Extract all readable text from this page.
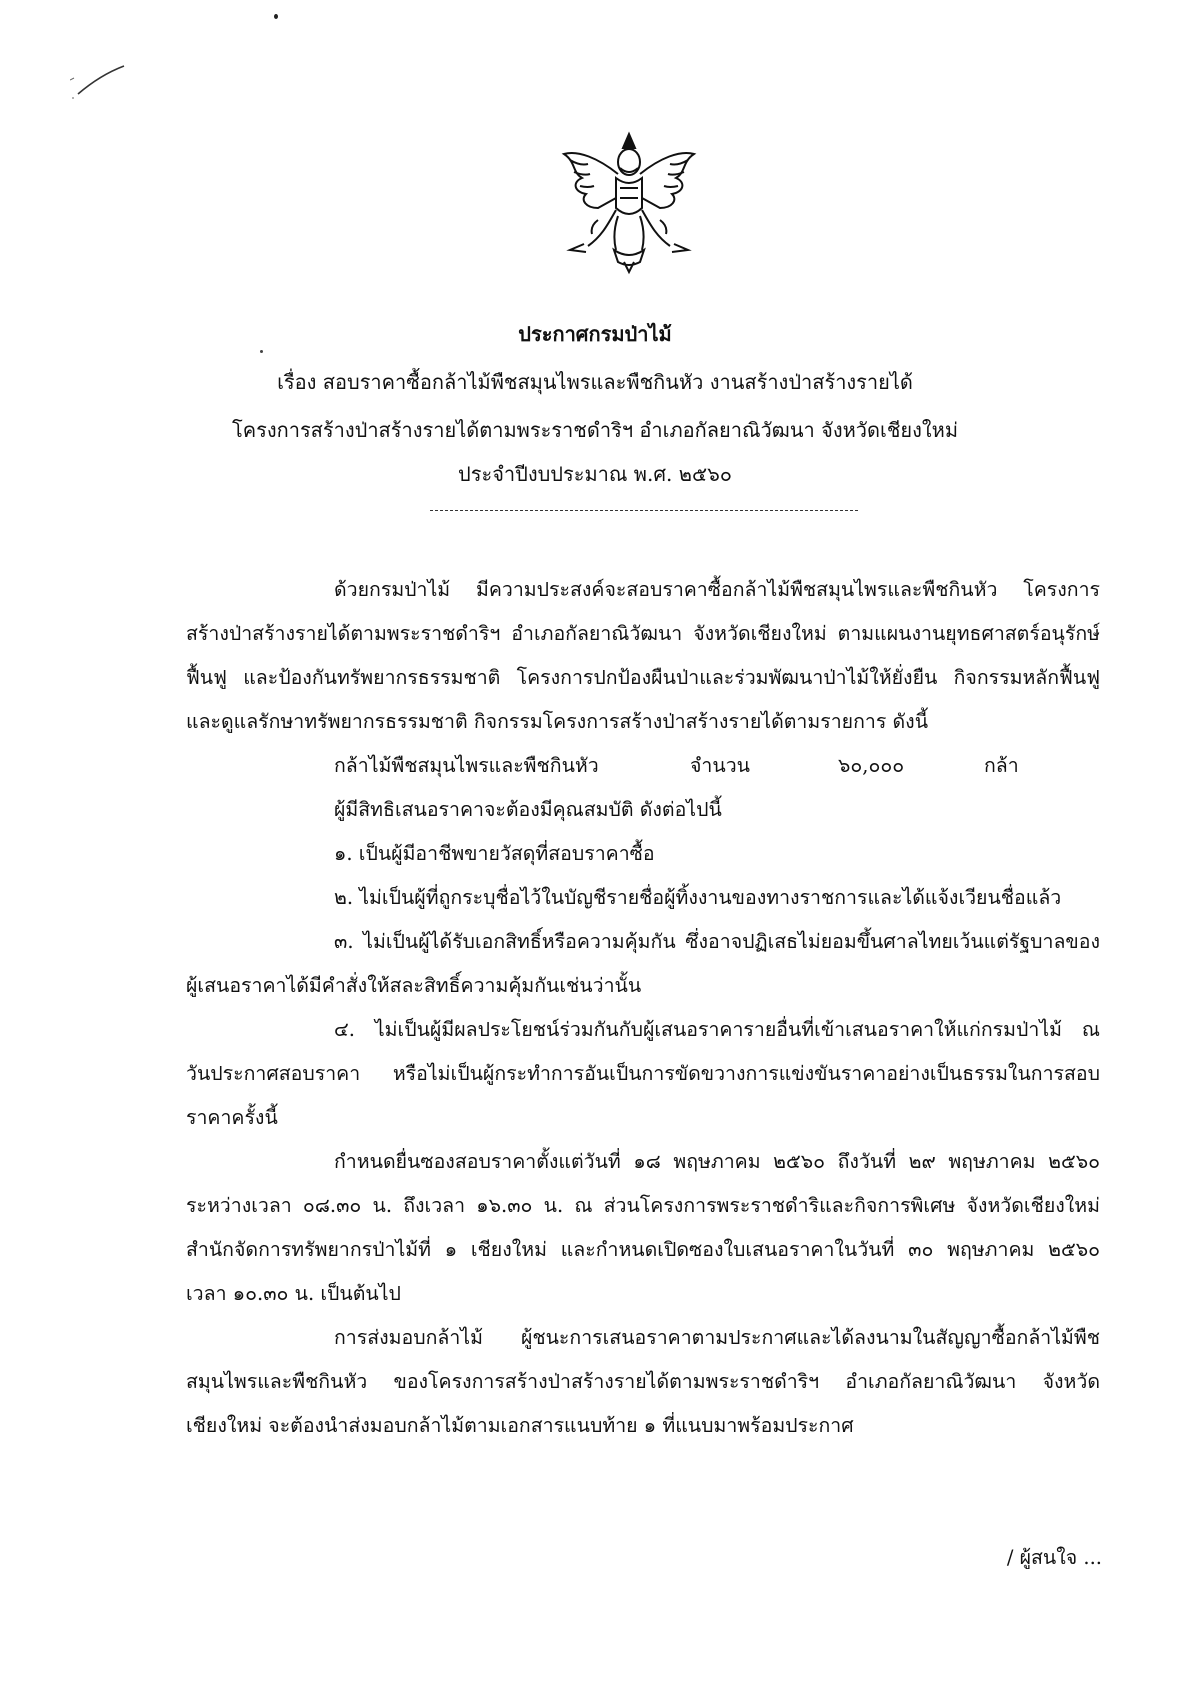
ประกาศกรมป่าไม้
เรื่อง สอบราคาซื้อกล้าไม้พืชสมุนไพรและพืชกินหัว งานสร้างป่าสร้างรายได้
โครงการสร้างป่าสร้างรายได้ตามพระราชดำริฯ อำเภอกัลยาณิวัฒนา จังหวัดเชียงใหม่
ประจำปีงบประมาณ พ.ศ. ๒๕๖๐

ด้วยกรมป่าไม้ มีความประสงค์จะสอบราคาซื้อกล้าไม้พืชสมุนไพรและพืชกินหัว โครงการสร้างป่าสร้างรายได้ตามพระราชดำริฯ อำเภอกัลยาณิวัฒนา จังหวัดเชียงใหม่ ตามแผนงานยุทธศาสตร์อนุรักษ์ ฟื้นฟู และป้องกันทรัพยากรธรรมชาติ โครงการปกป้องผืนป่าและร่วมพัฒนาป่าไม้ให้ยั่งยืน กิจกรรมหลักฟื้นฟูและดูแลรักษาทรัพยากรธรรมชาติ กิจกรรมโครงการสร้างป่าสร้างรายได้ตามรายการ ดังนี้

กล้าไม้พืชสมุนไพรและพืชกินหัว	จำนวน	๖๐,๐๐๐	กล้า
ผู้มีสิทธิเสนอราคาจะต้องมีคุณสมบัติ ดังต่อไปนี้

๑. เป็นผู้มีอาชีพขายวัสดุที่สอบราคาซื้อ

๒. ไม่เป็นผู้ที่ถูกระบุชื่อไว้ในบัญชีรายชื่อผู้ทิ้งงานของทางราชการและได้แจ้งเวียนชื่อแล้ว

๓. ไม่เป็นผู้ได้รับเอกสิทธิ์หรือความคุ้มกัน ซึ่งอาจปฏิเสธไม่ยอมขึ้นศาลไทยเว้นแต่รัฐบาลของผู้เสนอราคาได้มีคำสั่งให้สละสิทธิ์ความคุ้มกันเช่นว่านั้น

๔. ไม่เป็นผู้มีผลประโยชน์ร่วมกันกับผู้เสนอราคารายอื่นที่เข้าเสนอราคาให้แก่กรมป่าไม้ ณ วันประกาศสอบราคา หรือไม่เป็นผู้กระทำการอันเป็นการขัดขวางการแข่งขันราคาอย่างเป็นธรรมในการสอบราคาครั้งนี้

กำหนดยื่นซองสอบราคาตั้งแต่วันที่ ๑๘ พฤษภาคม ๒๕๖๐ ถึงวันที่ ๒๙ พฤษภาคม ๒๕๖๐ ระหว่างเวลา ๐๘.๓๐ น. ถึงเวลา ๑๖.๓๐ น. ณ ส่วนโครงการพระราชดำริและกิจการพิเศษ จังหวัดเชียงใหม่ สำนักจัดการทรัพยากรป่าไม้ที่ ๑ เชียงใหม่ และกำหนดเปิดซองใบเสนอราคาในวันที่ ๓๐ พฤษภาคม ๒๕๖๐ เวลา ๑๐.๓๐ น. เป็นต้นไป

การส่งมอบกล้าไม้ ผู้ชนะการเสนอราคาตามประกาศและได้ลงนามในสัญญาซื้อกล้าไม้พืชสมุนไพรและพืชกินหัว ของโครงการสร้างป่าสร้างรายได้ตามพระราชดำริฯ อำเภอกัลยาณิวัฒนา จังหวัดเชียงใหม่ จะต้องนำส่งมอบกล้าไม้ตามเอกสารแนบท้าย ๑ ที่แนบมาพร้อมประกาศ

/ ผู้สนใจ ...
